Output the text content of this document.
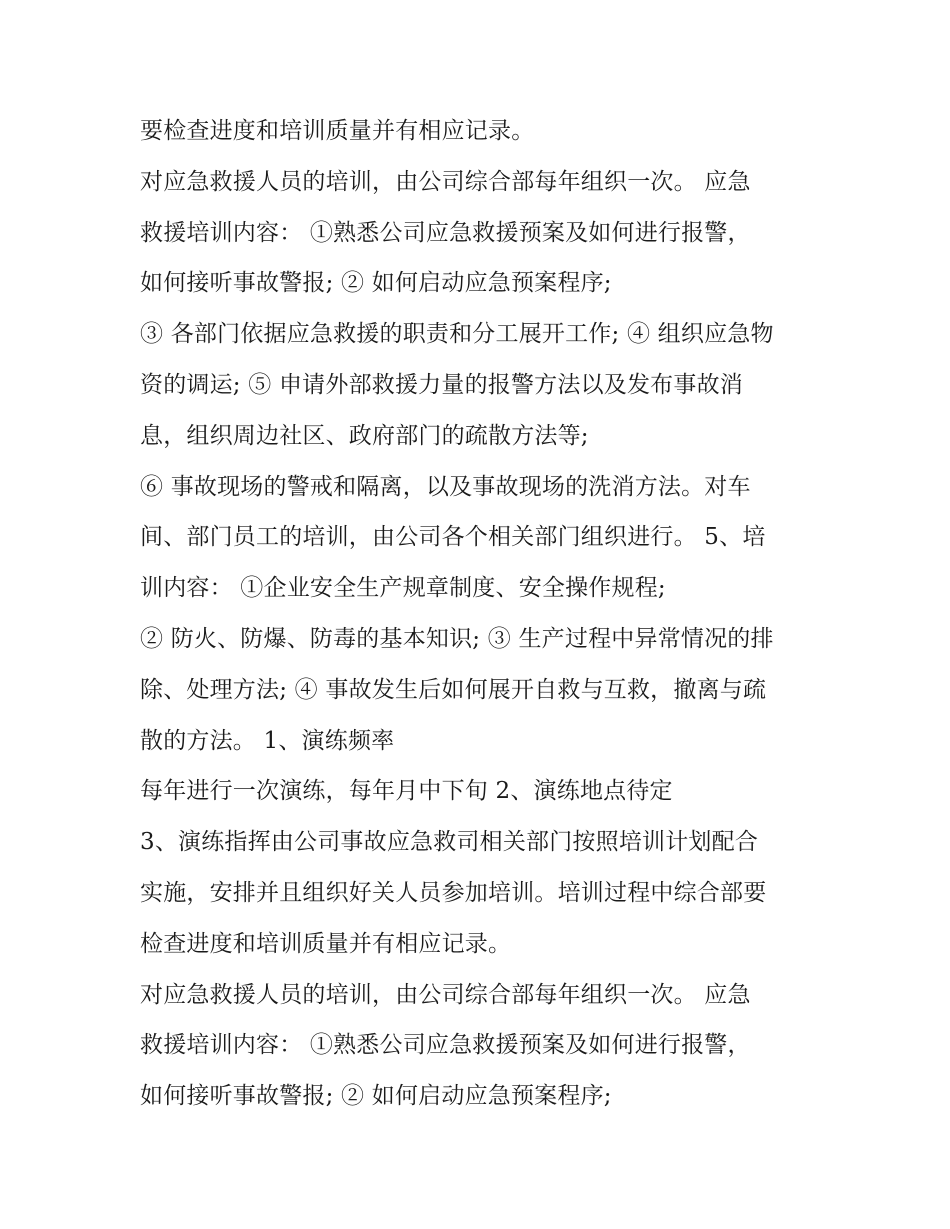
要检查进度和培训质量并有相应记录。
对应急救援人员的培训，由公司综合部每年组织一次。 应急
救援培训内容： ①熟悉公司应急救援预案及如何进行报警，
如何接听事故警报; ② 如何启动应急预案程序;
③ 各部门依据应急救援的职责和分工展开工作; ④ 组织应急物
资的调运; ⑤ 申请外部救援力量的报警方法以及发布事故消
息，组织周边社区、政府部门的疏散方法等;
⑥ 事故现场的警戒和隔离，以及事故现场的洗消方法。对车
间、部门员工的培训，由公司各个相关部门组织进行。 5、培
训内容： ①企业安全生产规章制度、安全操作规程;
② 防火、防爆、防毒的基本知识; ③ 生产过程中异常情况的排
除、处理方法; ④ 事故发生后如何展开自救与互救，撤离与疏
散的方法。 1、演练频率
每年进行一次演练，每年月中下旬 2、演练地点待定
3、演练指挥由公司事故应急救司相关部门按照培训计划配合
实施，安排并且组织好关人员参加培训。培训过程中综合部要
检查进度和培训质量并有相应记录。
对应急救援人员的培训，由公司综合部每年组织一次。 应急
救援培训内容： ①熟悉公司应急救援预案及如何进行报警，
如何接听事故警报; ② 如何启动应急预案程序;
